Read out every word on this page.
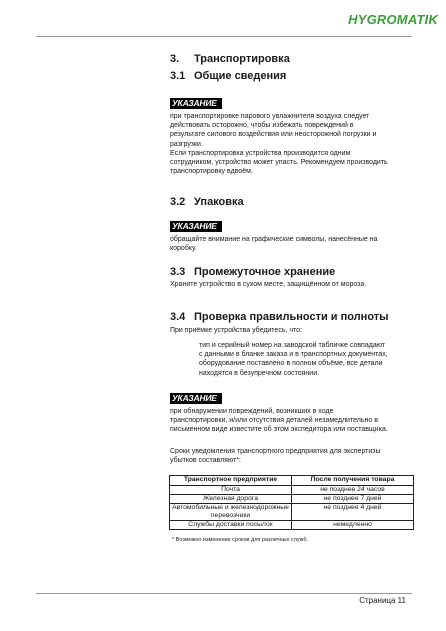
HYGROMATIK
3. Транспортировка
3.1 Общие сведения
УКАЗАНИЕ
при транспортировке парового увлажнителя воздуха следует
действовать осторожно, чтобы избежать повреждений в
результате силового воздействия или неосторожной погрузки и
разгрузки.
Если транспортировка устройства производится одним
сотрудником, устройство может упасть. Рекомендуем производить
транспортировку вдвоём.
3.2 Упаковка
УКАЗАНИЕ
обращайте внимание на графические символы, нанесённые на
коробку.
3.3 Промежуточное хранение
Храните устройство в сухом месте, защищённом от мороза.
3.4 Проверка правильности и полноты
При приёмке устройства убедитесь, что:
тип и серийный номер на заводской табличке совпадают
с данными в бланке заказа и в транспортных документах,
оборудование поставлено в полном объёме, все детали
находятся в безупречном состоянии.
УКАЗАНИЕ
при обнаружении повреждений, возникших в ходе
транспортировки, и/или отсутствия деталей незамедлительно в
письменном виде известите об этом экспедитора или поставщика.
Сроки уведомления транспортного предприятия для экспертизы
убытков составляют*:
Транспортное предприятие	После получения товара
Почта	не позднее 24 часов
Железная дорога	не позднее 7 дней
Автомобильные и железнодорожные перевозчики	не позднее 4 дней
Службы доставки посылок	немедленно
* Возможно изменение сроков для различных служб.
Страница 11
